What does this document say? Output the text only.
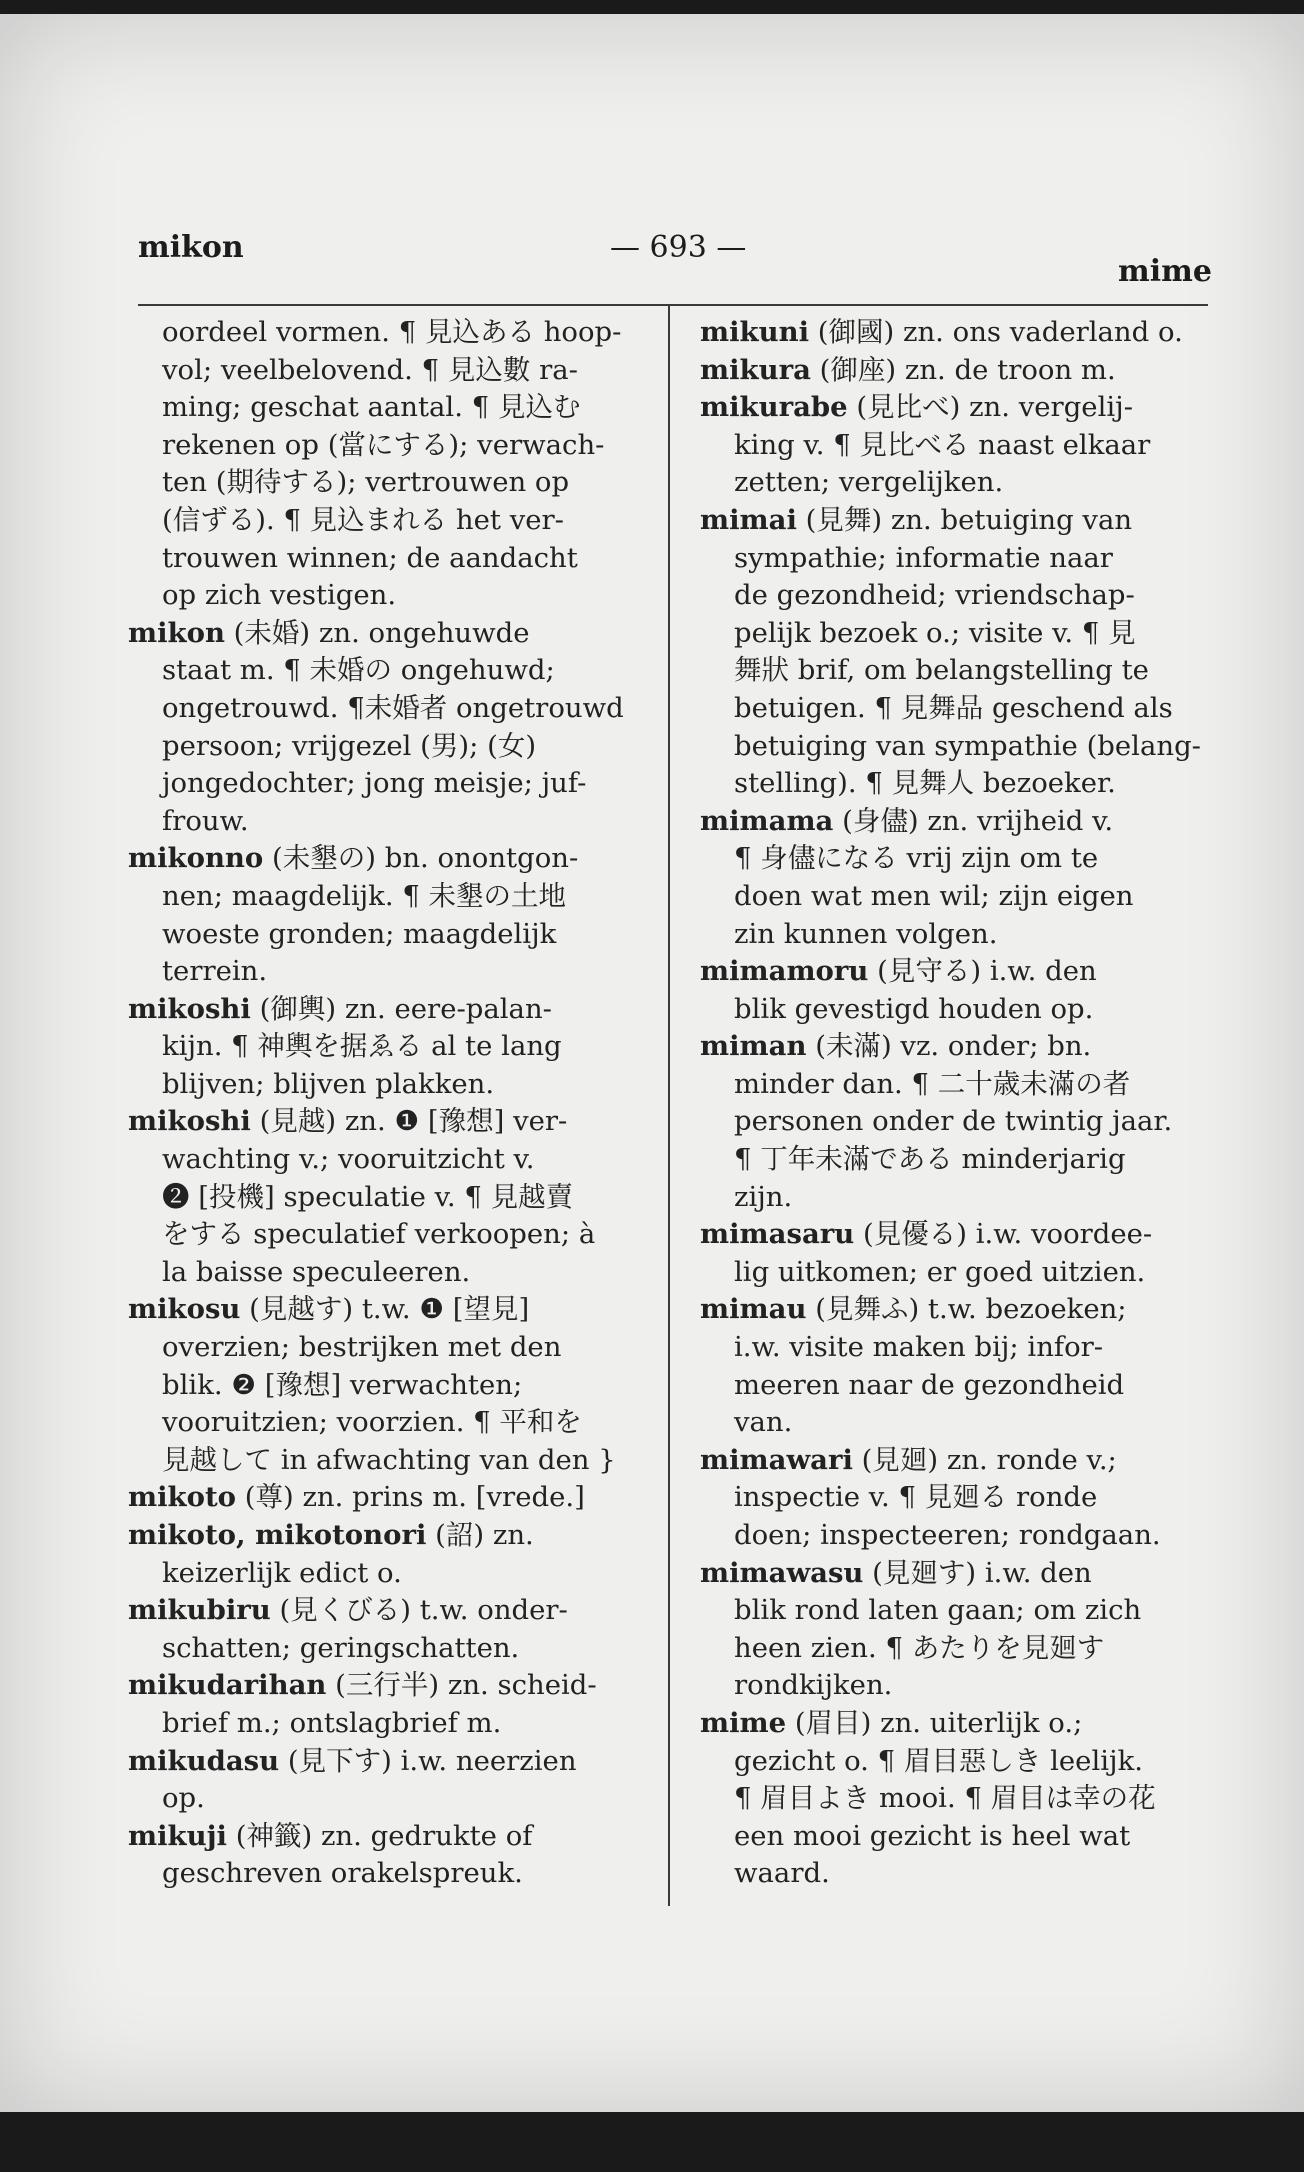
mikon	— 693 —
mime
oordeel vormen. ¶ 見込ある hoop-
vol; veelbelovend. ¶ 見込數 ra-
ming; geschat aantal. ¶ 見込む
rekenen op (當にする); verwach-
ten (期待する); vertrouwen op
(信ずる). ¶ 見込まれる het ver-
trouwen winnen; de aandacht
op zich vestigen.
mikon (未婚) zn. ongehuwde
staat m. ¶ 未婚の ongehuwd;
ongetrouwd. ¶未婚者 ongetrouwd
persoon; vrijgezel (男); (女)
jongedochter; jong meisje; juf-
frouw.
mikonno (未墾の) bn. onontgon-
nen; maagdelijk. ¶ 未墾の土地
woeste gronden; maagdelijk
terrein.
mikoshi (御輿) zn. eere-palan-
kijn. ¶ 神輿を据ゑる al te lang
blijven; blijven plakken.
mikoshi (見越) zn. ❶ [豫想] ver-
wachting v.; vooruitzicht v.
❷ [投機] speculatie v. ¶ 見越賣
をする speculatief verkoopen; à
la baisse speculeeren.
mikosu (見越す) t.w. ❶ [望見]
overzien; bestrijken met den
blik. ❷ [豫想] verwachten;
vooruitzien; voorzien. ¶ 平和を
見越して in afwachting van den }
mikoto (尊) zn. prins m. [vrede.]
mikoto, mikotonori (詔) zn.
keizerlijk edict o.
mikubiru (見くびる) t.w. onder-
schatten; geringschatten.
mikudarihan (三行半) zn. scheid-
brief m.; ontslagbrief m.
mikudasu (見下す) i.w. neerzien
op.
mikuji (神籤) zn. gedrukte of
geschreven orakelspreuk.
mikuni (御國) zn. ons vaderland o.
mikura (御座) zn. de troon m.
mikurabe (見比べ) zn. vergelij-
king v. ¶ 見比べる naast elkaar
zetten; vergelijken.
mimai (見舞) zn. betuiging van
sympathie; informatie naar
de gezondheid; vriendschap-
pelijk bezoek o.; visite v. ¶ 見
舞狀 brif, om belangstelling te
betuigen. ¶ 見舞品 geschend als
betuiging van sympathie (belang-
stelling). ¶ 見舞人 bezoeker.
mimama (身儘) zn. vrijheid v.
¶ 身儘になる vrij zijn om te
doen wat men wil; zijn eigen
zin kunnen volgen.
mimamoru (見守る) i.w. den
blik gevestigd houden op.
miman (未滿) vz. onder; bn.
minder dan. ¶ 二十歳未滿の者
personen onder de twintig jaar.
¶ 丁年未滿である minderjarig
zijn.
mimasaru (見優る) i.w. voordee-
lig uitkomen; er goed uitzien.
mimau (見舞ふ) t.w. bezoeken;
i.w. visite maken bij; infor-
meeren naar de gezondheid
van.
mimawari (見廻) zn. ronde v.;
inspectie v. ¶ 見廻る ronde
doen; inspecteeren; rondgaan.
mimawasu (見廻す) i.w. den
blik rond laten gaan; om zich
heen zien. ¶ あたりを見廻す
rondkijken.
mime (眉目) zn. uiterlijk o.;
gezicht o. ¶ 眉目惡しき leelijk.
¶ 眉目よき mooi. ¶ 眉目は幸の花
een mooi gezicht is heel wat
waard.
